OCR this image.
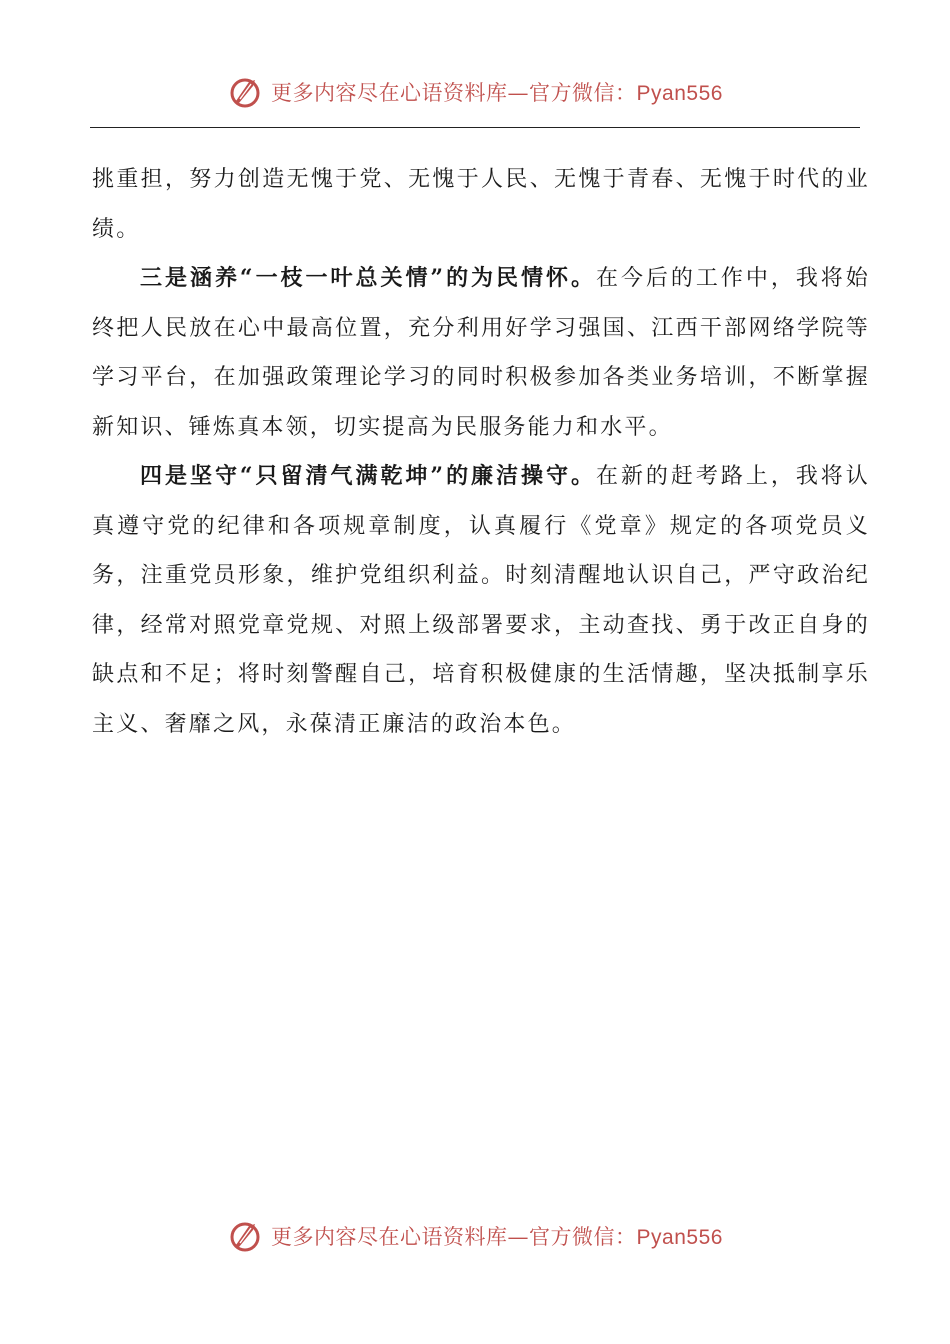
更多内容尽在心语资料库—官方微信：Pyan556

挑重担，努力创造无愧于党、无愧于人民、无愧于青春、无愧于时代的业绩。

三是涵养“一枝一叶总关情”的为民情怀。在今后的工作中，我将始终把人民放在心中最高位置，充分利用好学习强国、江西干部网络学院等学习平台，在加强政策理论学习的同时积极参加各类业务培训，不断掌握新知识、锤炼真本领，切实提高为民服务能力和水平。

四是坚守“只留清气满乾坤”的廉洁操守。在新的赶考路上，我将认真遵守党的纪律和各项规章制度，认真履行《党章》规定的各项党员义务，注重党员形象，维护党组织利益。时刻清醒地认识自己，严守政治纪律，经常对照党章党规、对照上级部署要求，主动查找、勇于改正自身的缺点和不足；将时刻警醒自己，培育积极健康的生活情趣，坚决抵制享乐主义、奢靡之风，永葆清正廉洁的政治本色。

更多内容尽在心语资料库—官方微信：Pyan556
